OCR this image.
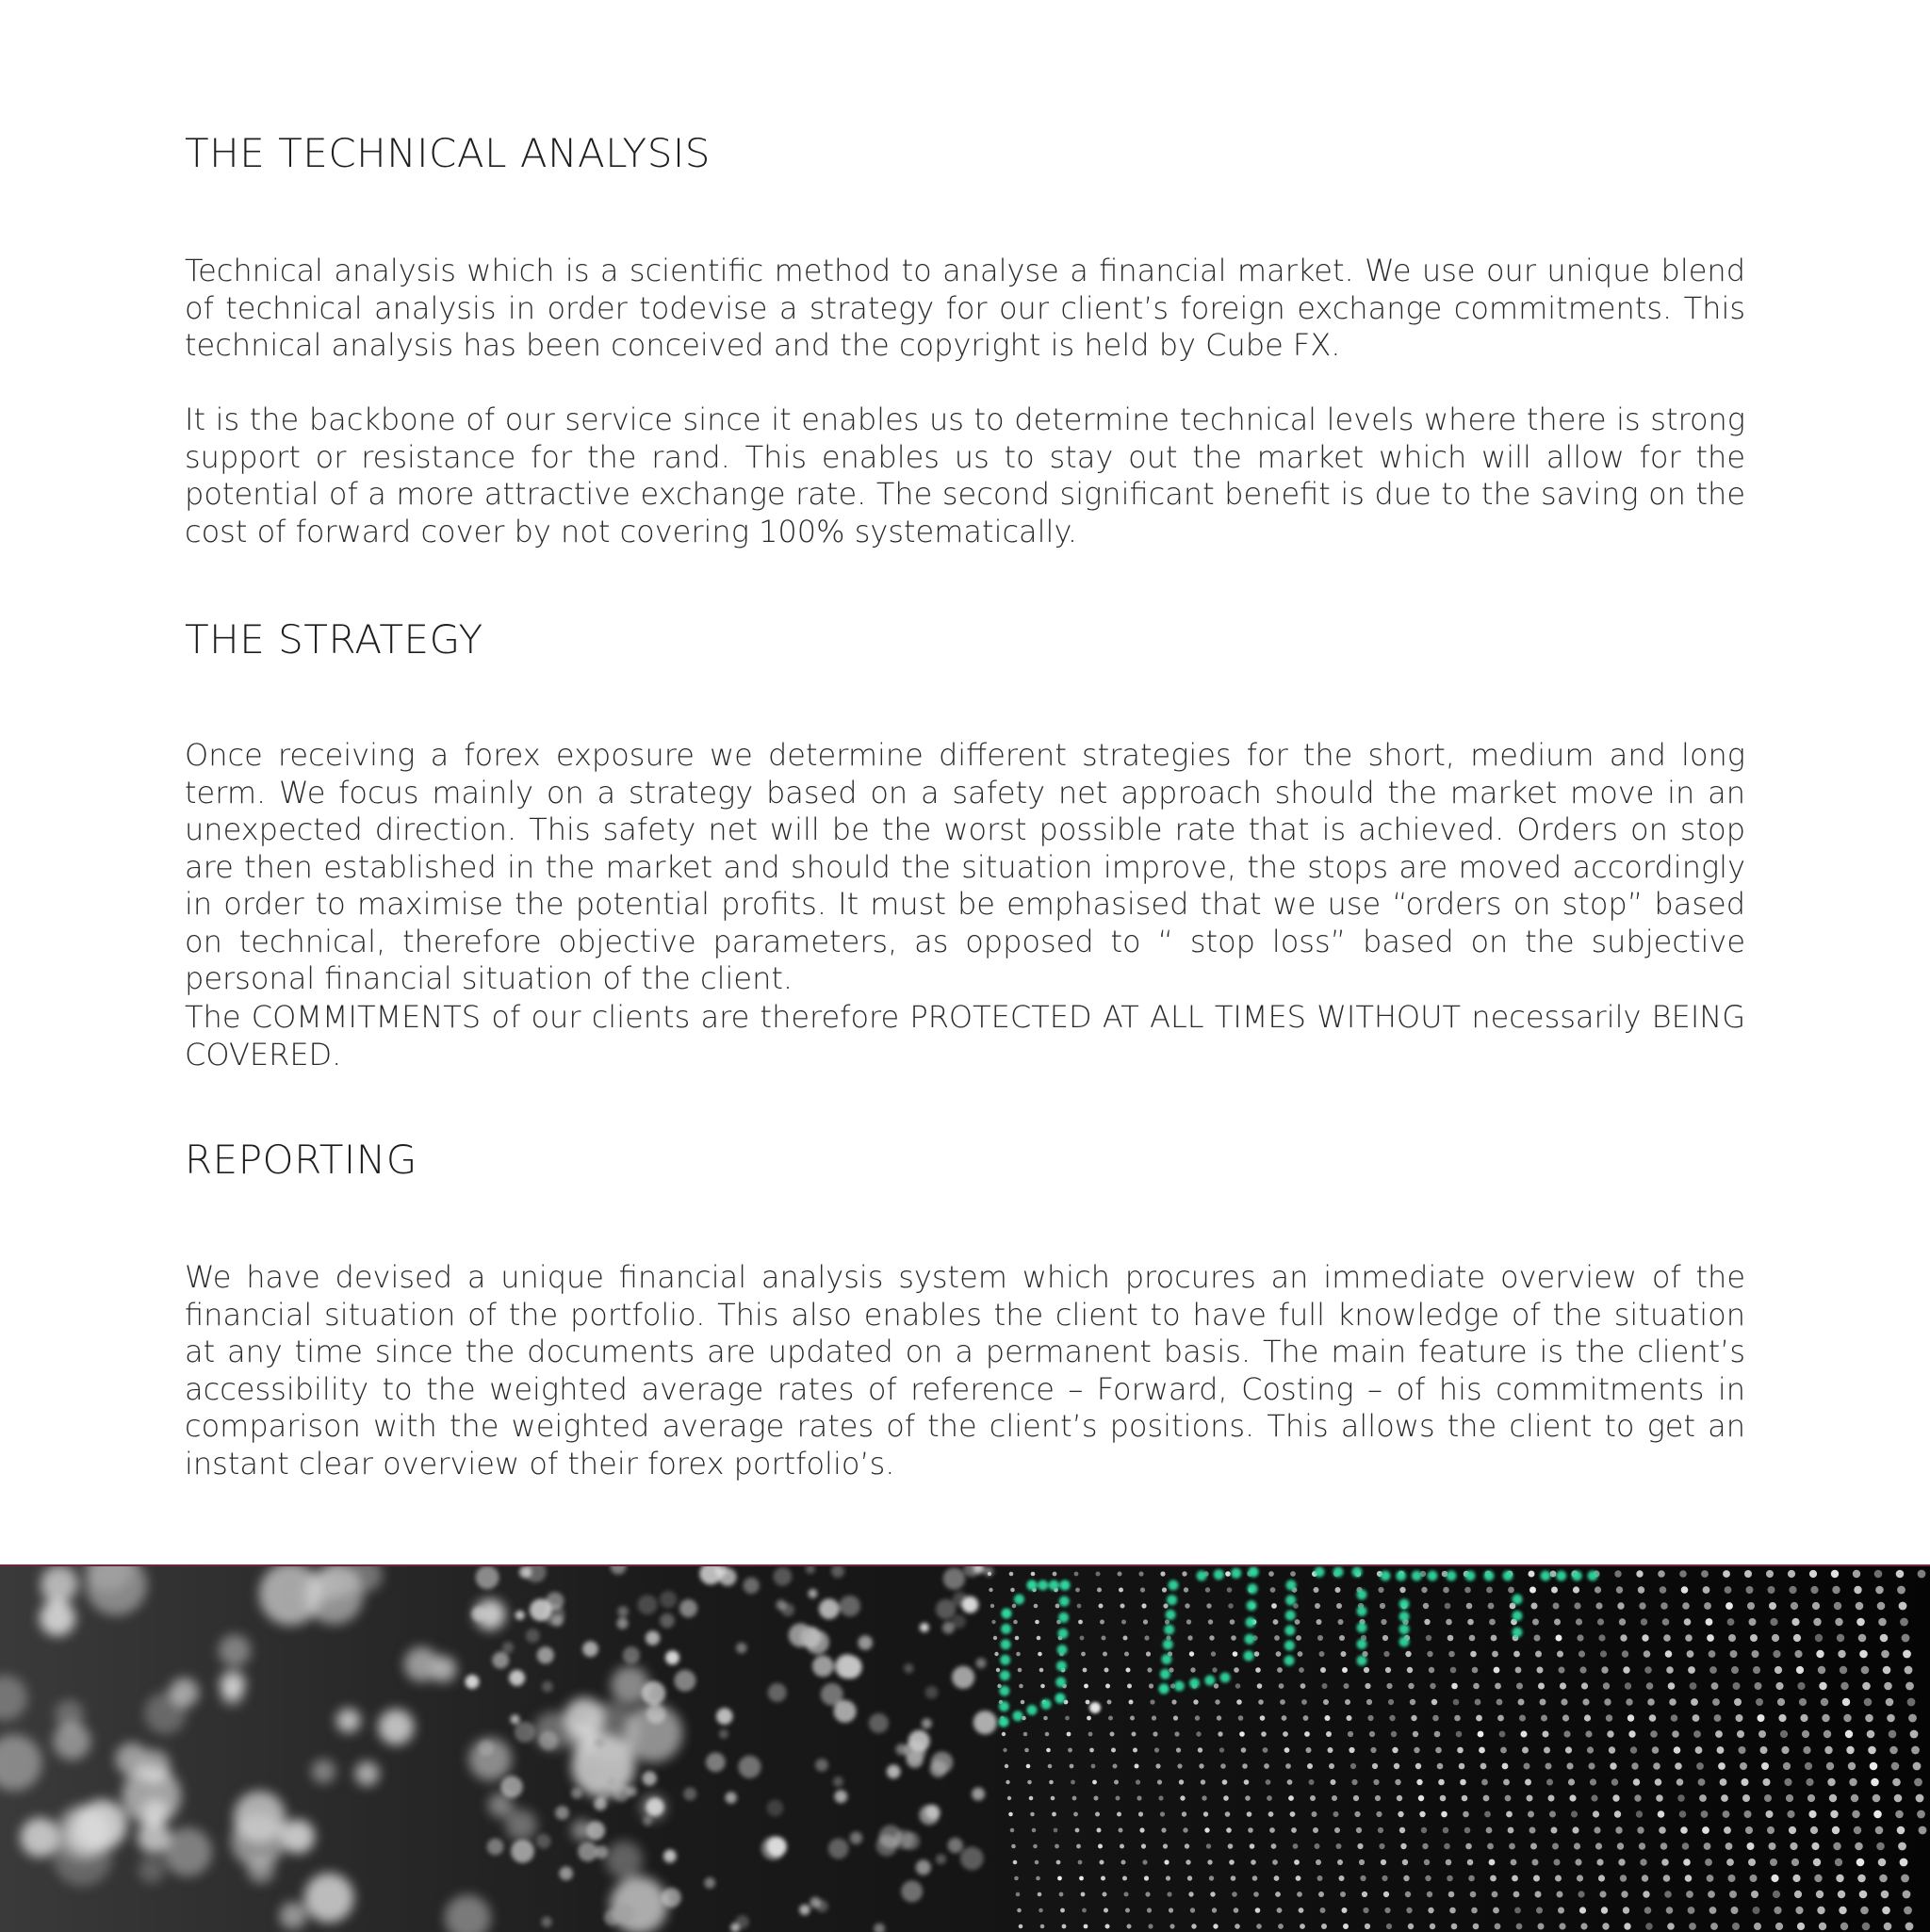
THE TECHNICAL ANALYSIS

Technical analysis which is a scientific method to analyse a financial market. We use our unique blend of technical analysis in order todevise a strategy for our client’s foreign exchange commitments. This technical analysis has been conceived and the copyright is held by Cube FX.

It is the backbone of our service since it enables us to determine technical levels where there is strong support or resistance for the rand. This enables us to stay out the market which will allow for the potential of a more attractive exchange rate. The second significant benefit is due to the saving on the cost of forward cover by not covering 100% systematically.

THE STRATEGY

Once receiving a forex exposure we determine different strategies for the short, medium and long term. We focus mainly on a strategy based on a safety net approach should the market move in an unexpected direction. This safety net will be the worst possible rate that is achieved. Orders on stop are then established in the market and should the situation improve, the stops are moved accordingly in order to maximise the potential profits. It must be emphasised that we use “orders on stop” based on technical, therefore objective parameters, as opposed to “ stop loss” based on the subjective personal financial situation of the client.

The COMMITMENTS of our clients are therefore PROTECTED AT ALL TIMES WITHOUT necessarily BEING COVERED.

REPORTING

We have devised a unique financial analysis system which procures an immediate overview of the financial situation of the portfolio. This also enables the client to have full knowledge of the situation at any time since the documents are updated on a permanent basis. The main feature is the client’s accessibility to the weighted average rates of reference – Forward, Costing – of his commitments in comparison with the weighted average rates of the client’s positions. This allows the client to get an instant clear overview of their forex portfolio’s.
